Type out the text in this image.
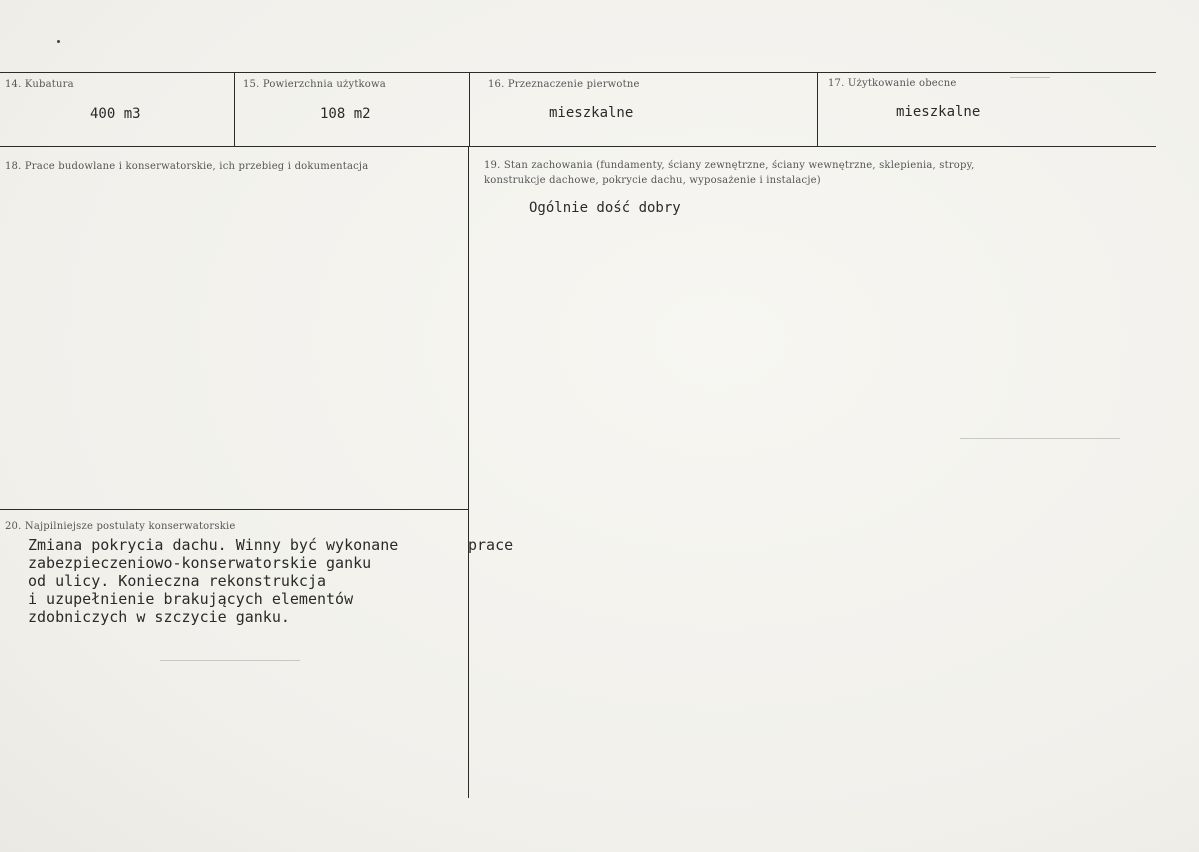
14. Kubatura
400 m3
15. Powierzchnia użytkowa
108 m2
16. Przeznaczenie pierwotne
mieszkalne
17. Użytkowanie obecne
mieszkalne
18. Prace budowlane i konserwatorskie, ich przebieg i dokumentacja	19. Stan zachowania (fundamenty, ściany zewnętrzne, ściany wewnętrzne, sklepienia, stropy,
konstrukcje dachowe, pokrycie dachu, wyposażenie i instalacje)
Ogólnie dość dobry
20. Najpilniejsze postulaty konserwatorskie
Zmiana pokrycia dachu. Winny być wykonane
zabezpieczeniowo-konserwatorskie ganku
od ulicy. Konieczna rekonstrukcja
i uzupełnienie brakujących elementów
zdobniczych w szczycie ganku.
prace
